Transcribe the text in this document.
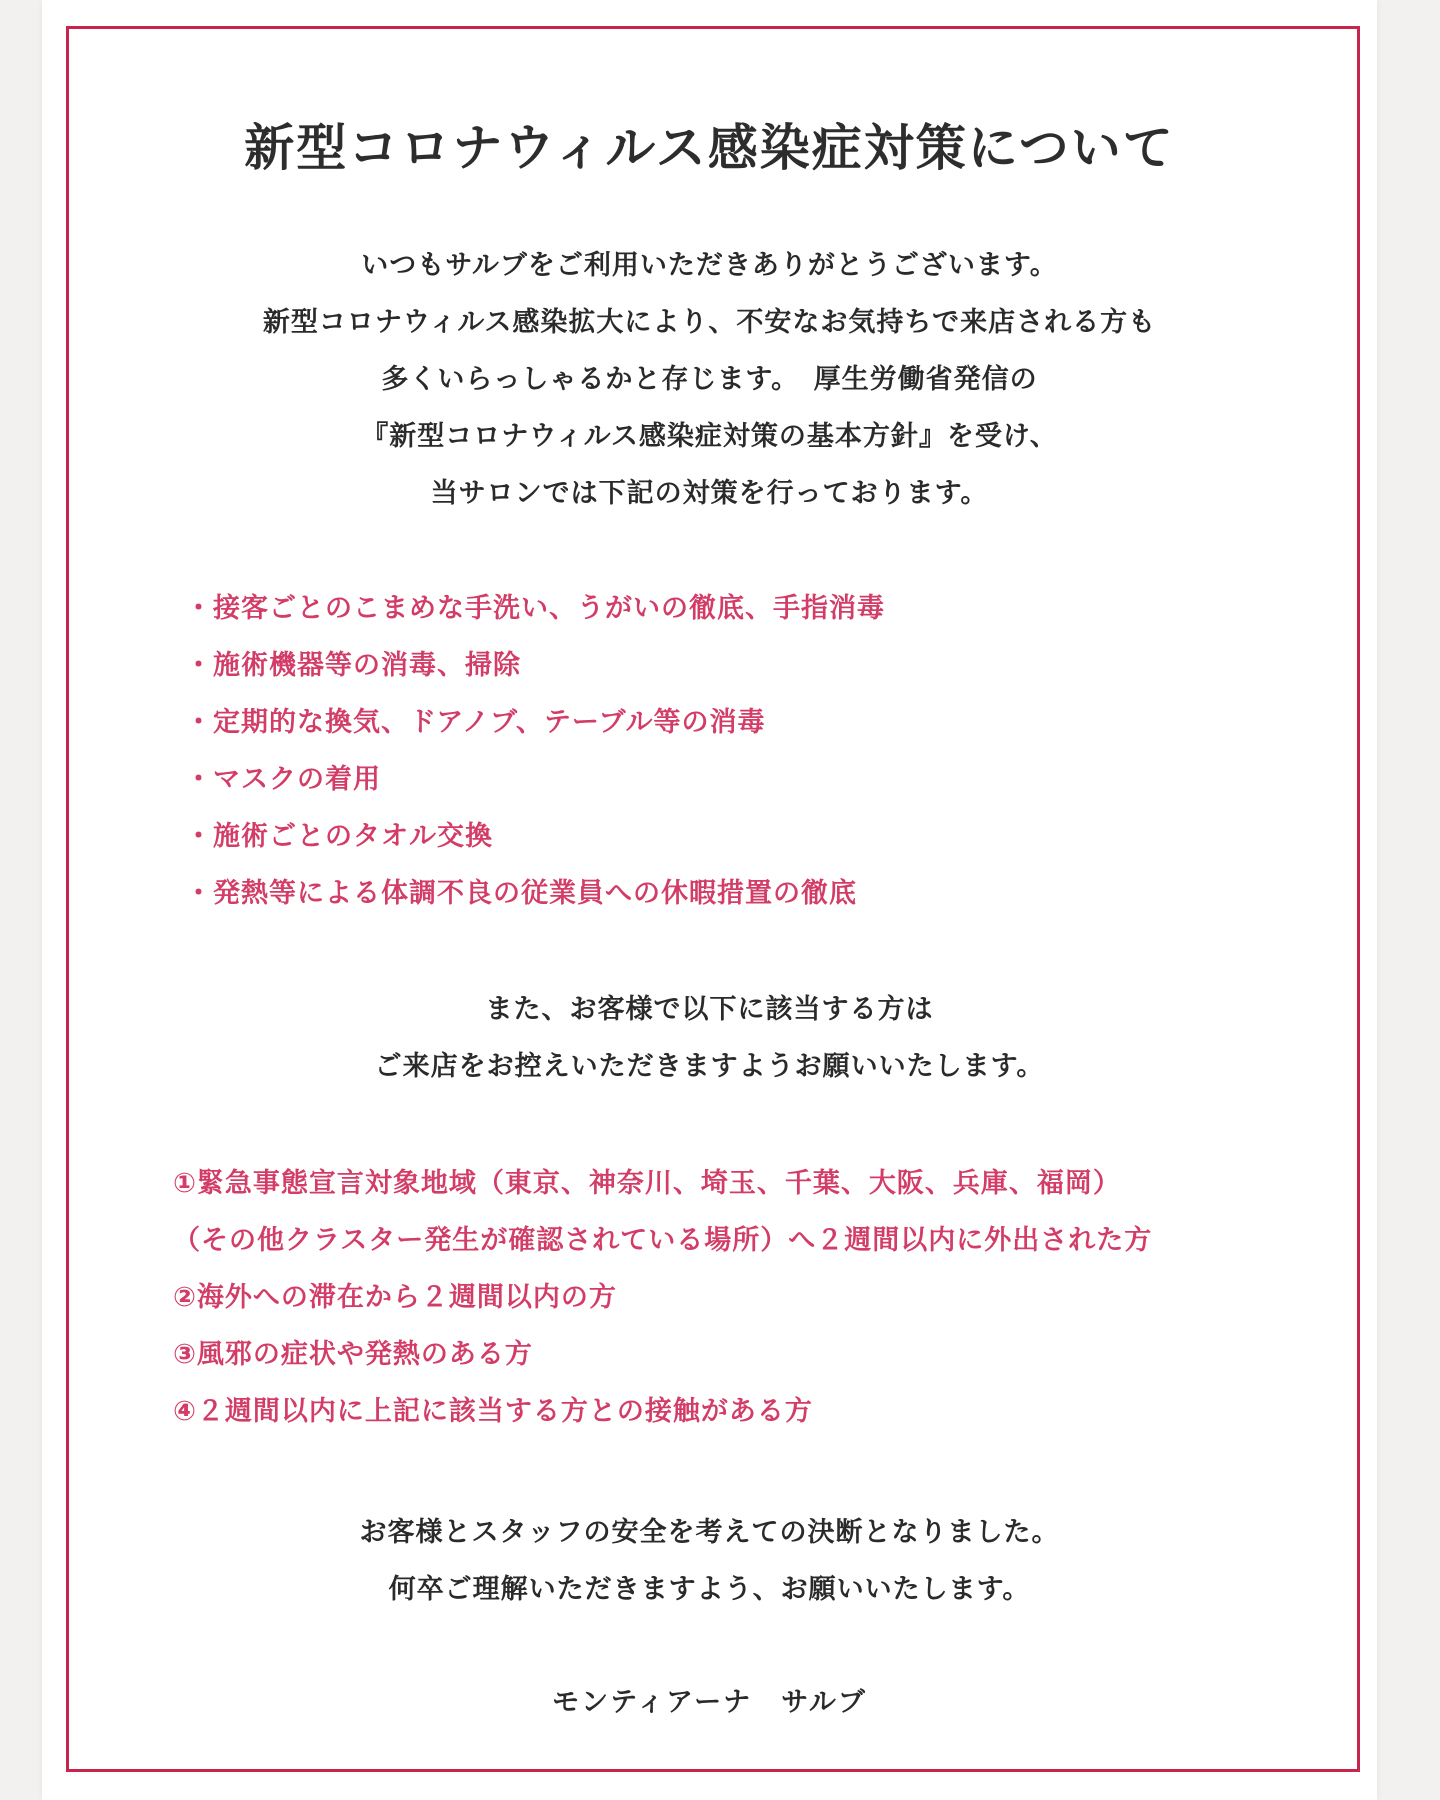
新型コロナウィルス感染症対策について

いつもサルブをご利用いただきありがとうございます。

新型コロナウィルス感染拡大により、不安なお気持ちで来店される方も

多くいらっしゃるかと存じます。　厚生労働省発信の

『新型コロナウィルス感染症対策の基本方針』を受け、

当サロンでは下記の対策を行っております。

・接客ごとのこまめな手洗い、うがいの徹底、手指消毒
・施術機器等の消毒、掃除
・定期的な換気、ドアノブ、テーブル等の消毒
・マスクの着用
・施術ごとのタオル交換
・発熱等による体調不良の従業員への休暇措置の徹底

また、お客様で以下に該当する方は

ご来店をお控えいただきますようお願いいたします。

①緊急事態宣言対象地域（東京、神奈川、埼玉、千葉、大阪、兵庫、福岡）
（その他クラスター発生が確認されている場所）へ２週間以内に外出された方
②海外への滞在から２週間以内の方
③風邪の症状や発熱のある方
④２週間以内に上記に該当する方との接触がある方

お客様とスタッフの安全を考えての決断となりました。

何卒ご理解いただきますよう、お願いいたします。

モンティアーナ　サルブ
